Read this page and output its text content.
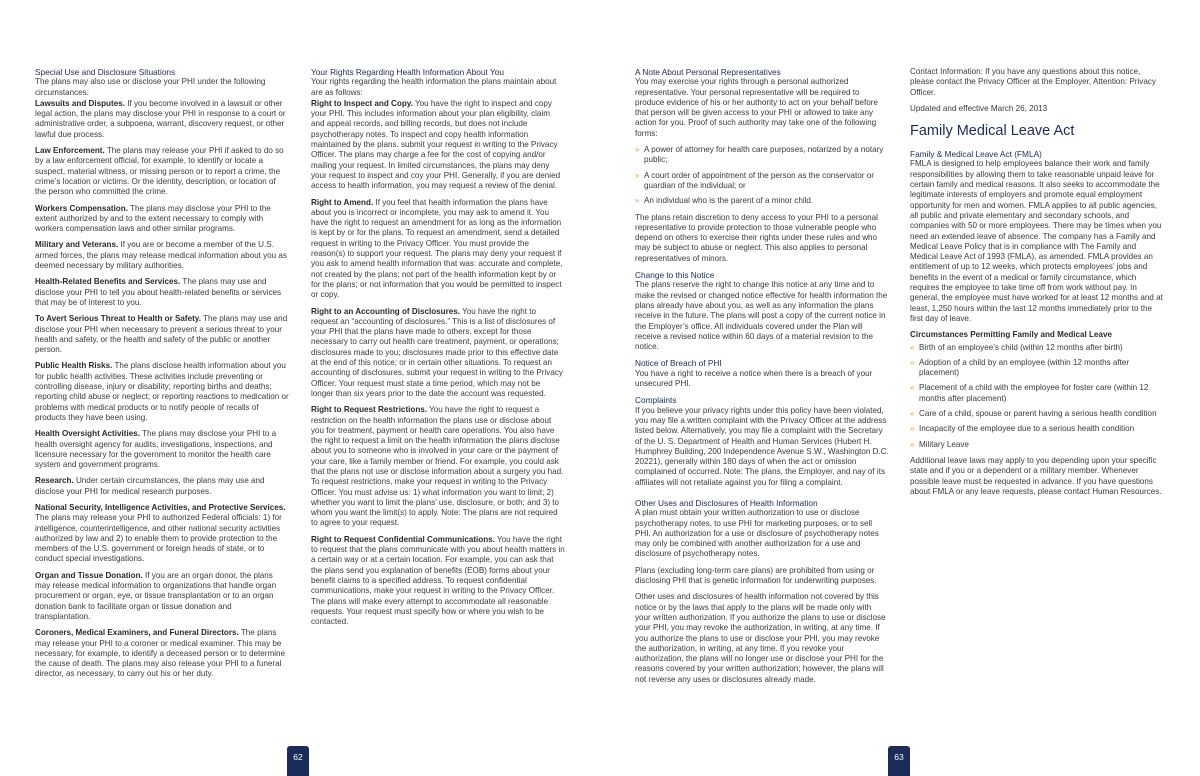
Special Use and Disclosure Situations
The plans may also use or disclose your PHI under the following circumstances:

Lawsuits and Disputes. If you become involved in a lawsuit or other legal action, the plans may disclose your PHI in response to a court or administrative order, a subpoena, warrant, discovery request, or other lawful due process.

Law Enforcement. The plans may release your PHI if asked to do so by a law enforcement official, for example, to identify or locate a suspect, material witness, or missing person or to report a crime, the crime’s location or victims. Or the identity, description, or location of the person who committed the crime.

Workers Compensation. The plans may disclose your PHI to the extent authorized by and to the extent necessary to comply with workers compensation laws and other similar programs.

Military and Veterans. If you are or become a member of the U.S. armed forces, the plans may release medical information about you as deemed necessary by military authorities.

Health-Related Benefits and Services. The plans may use and disclose your PHI to tell you about health-related benefits or services that may be of interest to you.

To Avert Serious Threat to Health or Safety. The plans may use and disclose your PHI when necessary to prevent a serious threat to your health and safety, or the health and safety of the public or another person.

Public Health Risks. The plans disclose health information about you for public health activities. These activities include preventing or controlling disease, injury or disability; reporting births and deaths; reporting child abuse or neglect; or reporting reactions to medication or problems with medical products or to notify people of recalls of products they have been using.

Health Oversight Activities. The plans may disclose your PHI to a health oversight agency for audits, investigations, inspections, and licensure necessary for the government to monitor the health care system and government programs.

Research. Under certain circumstances, the plans may use and disclose your PHI for medical research purposes.

National Security, Intelligence Activities, and Protective Services. The plans may release your PHI to authorized Federal officials: 1) for intelligence, counterintelligence, and other national security activities authorized by law and 2) to enable them to provide protection to the members of the U.S. government or foreign heads of state, or to conduct special investigations.

Organ and Tissue Donation. If you are an organ donor, the plans may release medical information to organizations that handle organ procurement or organ, eye, or tissue transplantation or to an organ donation bank to facilitate organ or tissue donation and transplantation.

Coroners, Medical Examiners, and Funeral Directors. The plans may release your PHI to a coroner or medical examiner. This may be necessary, for example, to identify a deceased person or to determine the cause of death. The plans may also release your PHI to a funeral director, as necessary, to carry out his or her duty.

Your Rights Regarding Health Information About You
Your rights regarding the health information the plans maintain about are as follows:

Right to Inspect and Copy. You have the right to inspect and copy your PHI. This includes information about your plan eligibility, claim and appeal records, and billing records, but does not include psychotherapy notes. To inspect and copy health information maintained by the plans. submit your request in writing to the Privacy Officer. The plans may charge a fee for the cost of copying and/or mailing your request. In limited circumstances, the plans may deny your request to inspect and coy your PHI. Generally, if you are denied access to health information, you may request a review of the denial.

Right to Amend. If you feel that health information the plans have about you is incorrect or incomplete, you may ask to amend it. You have the right to request an amendment for as long as the information is kept by or for the plans. To request an amendment, send a detailed request in writing to the Privacy Officer. You must provide the reason(s) to support your request. The plans may deny your request if you ask to amend health information that was: accurate and complete, not created by the plans; not part of the health information kept by or for the plans; or not information that you would be permitted to inspect or copy.

Right to an Accounting of Disclosures. You have the right to request an “accounting of disclosures.” This is a list of disclosures of your PHI that the plans have made to others, except for those necessary to carry out health care treatment, payment, or operations; disclosures made to you; disclosures made prior to this effective date at the end of this notice; or in certain other situations. To request an accounting of disclosures, submit your request in writing to the Privacy Officer. Your request must state a time period, which may not be longer than six years prior to the date the account was requested.

Right to Request Restrictions. You have the right to request a restriction on the health information the plans use or disclose about you for treatment, payment or health care operations. You also have the right to request a limit on the health information the plans disclose about you to someone who is involved in your care or the payment of your care, like a family member or friend. For example, you could ask that the plans not use or disclose information about a surgery you had. To request restrictions, make your request in writing to the Privacy Officer. You must advise us: 1) what information you want to limit; 2) whether you want to limit the plans’ use, disclosure, or both; and 3) to whom you want the limit(s) to apply. Note: The plans are not required to agree to your request.

Right to Request Confidential Communications. You have the right to request that the plans communicate with you about health matters in a certain way or at a certain location. For example, you can ask that the plans send you explanation of benefits (EOB) forms about your benefit claims to a specified address. To request confidential communications, make your request in writing to the Privacy Officer. The plans will make every attempt to accommodate all reasonable requests. Your request must specify how or where you wish to be contacted.

A Note About Personal Representatives
You may exercise your rights through a personal authorized representative. Your personal representative will be required to produce evidence of his or her authority to act on your behalf before that person will be given access to your PHI or allowed to take any action for you. Proof of such authority may take one of the following forms:

» A power of attorney for health care purposes, notarized by a notary public;
» A court order of appointment of the person as the conservator or guardian of the individual; or
» An individual who is the parent of a minor child.

The plans retain discretion to deny access to your PHI to a personal representative to provide protection to those vulnerable people who depend on others to exercise their rights under these rules and who may be subject to abuse or neglect. This also applies to personal representatives of minors.

Change to this Notice
The plans reserve the right to change this notice at any time and to make the revised or changed notice effective for health information the plans already have about you, as well as any information the plans receive in the future. The plans will post a copy of the current notice in the Employer’s office. All individuals covered under the Plan will receive a revised notice within 60 days of a material revision to the notice.

Notice of Breach of PHI
You have a right to receive a notice when there is a breach of your unsecured PHI.

Complaints
If you believe your privacy rights under this policy have been violated, you may file a written complaint with the Privacy Officer at the address listed below. Alternatively, you may file a complaint with the Secretary of the U. S. Department of Health and Human Services (Hubert H. Humphrey Building, 200 Independence Avenue S.W., Washington D.C. 20221), generally within 180 days of when the act or omission complained of occurred. Note: The plans, the Employer, and nay of its affiliates will not retaliate against you for filing a complaint.

Other Uses and Disclosures of Health Information
A plan must obtain your written authorization to use or disclose psychotherapy notes, to use PHI for marketing purposes, or to sell PHI. An authorization for a use or disclosure of psychotherapy notes may only be combined with another authorization for a use and disclosure of psychotherapy notes.

Plans (excluding long-term care plans) are prohibited from using or disclosing PHI that is genetic information for underwriting purposes.

Other uses and disclosures of health information not covered by this notice or by the laws that apply to the plans will be made only with your written authorization. If you authorize the plans to use or disclose your PHI, you may revoke the authorization, in writing, at any time. If you authorize the plans to use or disclose your PHI, you may revoke the authorization, in writing, at any time. If you revoke your authorization, the plans will no longer use or disclose your PHI for the reasons covered by your written authorization; however, the plans will not reverse any uses or disclosures already made.

Contact Information: If you have any questions about this notice, please contact the Privacy Officer at the Employer, Attention: Privacy Officer.

Updated and effective March 26, 2013

Family Medical Leave Act

Family & Medical Leave Act (FMLA)
FMLA is designed to help employees balance their work and family responsibilities by allowing them to take reasonable unpaid leave for certain family and medical reasons. It also seeks to accommodate the legitimate interests of employers and promote equal employment opportunity for men and women. FMLA applies to all public agencies, all public and private elementary and secondary schools, and companies with 50 or more employees. There may be times when you need an extended leave of absence. The company has a Family and Medical Leave Policy that is in compliance with The Family and Medical Leave Act of 1993 (FMLA), as amended. FMLA provides an entitlement of up to 12 weeks, which protects employees’ jobs and benefits in the event of a medical or family circumstance, which requires the employee to take time off from work without pay. In general, the employee must have worked for at least 12 months and at least, 1,250 hours within the last 12 months immediately prior to the first day of leave.

Circumstances Permitting Family and Medical Leave

» Birth of an employee’s child (within 12 months after birth)
» Adoption of a child by an employee (within 12 months after placement)
» Placement of a child with the employee for foster care (within 12 months after placement)
» Care of a child, spouse or parent having a serious health condition
» Incapacity of the employee due to a serious health condition
» Military Leave

Additional leave laws may apply to you depending upon your specific state and if you or a dependent or a military member. Whenever possible leave must be requested in advance. If you have questions about FMLA or any leave requests, please contact Human Resources.

62	63
